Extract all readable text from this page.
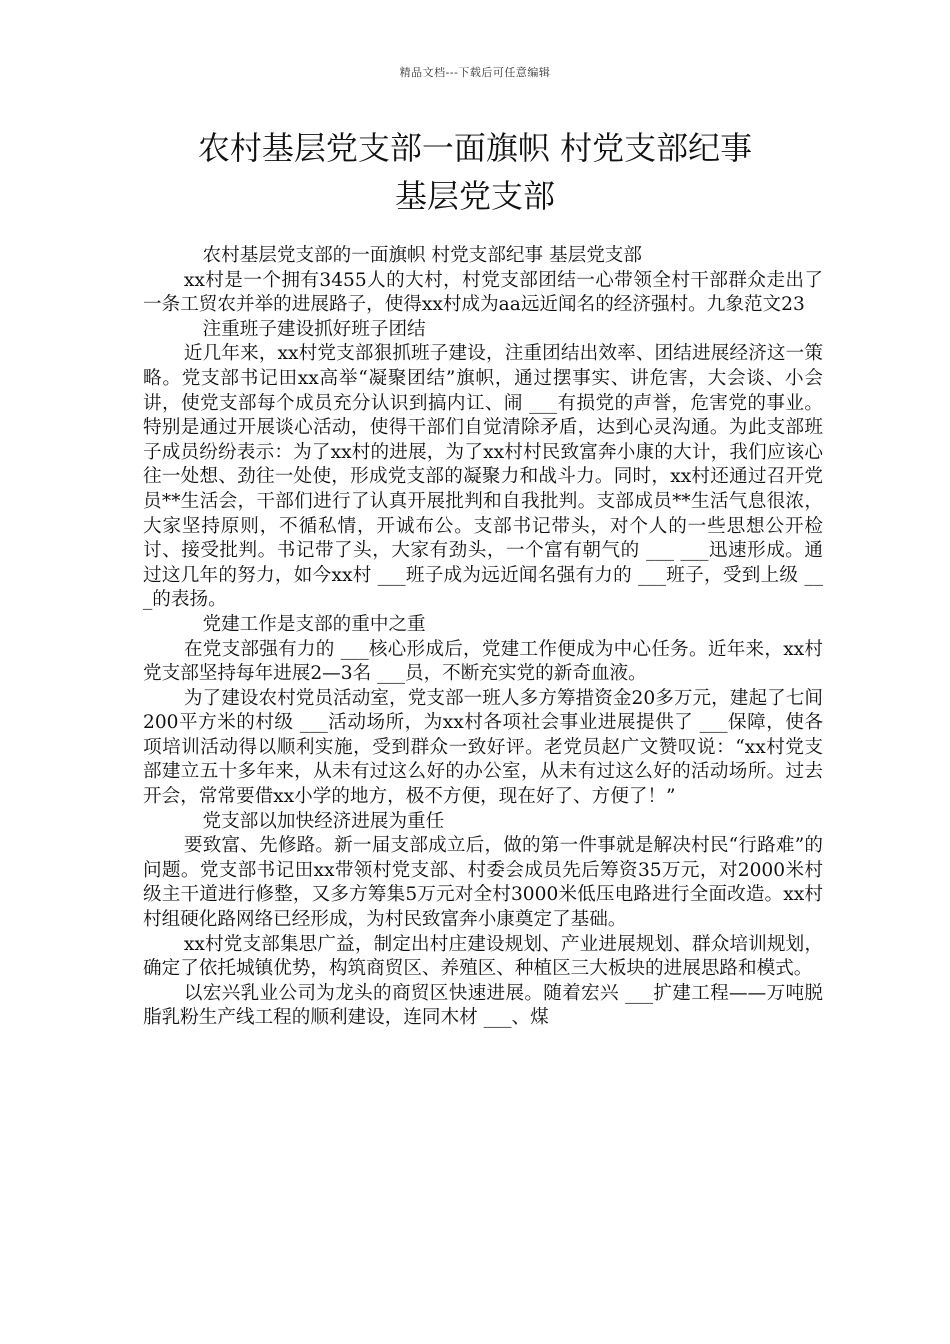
精品文档---下载后可任意编辑
农村基层党支部一面旗帜 村党支部纪事
基层党支部

农村基层党支部的一面旗帜 村党支部纪事 基层党支部

xx村是一个拥有3455人的大村，村党支部团结一心带领全村干部群众走出了一条工贸农并举的进展路子，使得xx村成为aa远近闻名的经济强村。九象范文23

注重班子建设抓好班子团结

近几年来，xx村党支部狠抓班子建设，注重团结出效率、团结进展经济这一策略。党支部书记田xx高举“凝聚团结”旗帜，通过摆事实、讲危害，大会谈、小会讲，使党支部每个成员充分认识到搞内讧、闹 ___有损党的声誉，危害党的事业。特别是通过开展谈心活动，使得干部们自觉清除矛盾，达到心灵沟通。为此支部班子成员纷纷表示：为了xx村的进展，为了xx村村民致富奔小康的大计，我们应该心往一处想、劲往一处使，形成党支部的凝聚力和战斗力。同时，xx村还通过召开党员**生活会，干部们进行了认真开展批判和自我批判。支部成员**生活气息很浓，大家坚持原则，不循私情，开诚布公。支部书记带头，对个人的一些思想公开检讨、接受批判。书记带了头，大家有劲头，一个富有朝气的 ___ ___迅速形成。通过这几年的努力，如今xx村 ___班子成为远近闻名强有力的 ___班子，受到上级 ___的表扬。

党建工作是支部的重中之重

在党支部强有力的 ___核心形成后，党建工作便成为中心任务。近年来，xx村党支部坚持每年进展2—3名 ___员，不断充实党的新奇血液。

为了建设农村党员活动室，党支部一班人多方筹措资金20多万元，建起了七间200平方米的村级 ___活动场所，为xx村各项社会事业进展提供了 ___保障，使各项培训活动得以顺利实施，受到群众一致好评。老党员赵广文赞叹说：“xx村党支部建立五十多年来，从未有过这么好的办公室，从未有过这么好的活动场所。过去开会，常常要借xx小学的地方，极不方便，现在好了、方便了！”

党支部以加快经济进展为重任

要致富、先修路。新一届支部成立后，做的第一件事就是解决村民“行路难”的问题。党支部书记田xx带领村党支部、村委会成员先后筹资35万元，对2000米村级主干道进行修整，又多方筹集5万元对全村3000米低压电路进行全面改造。xx村村组硬化路网络已经形成，为村民致富奔小康奠定了基础。

xx村党支部集思广益，制定出村庄建设规划、产业进展规划、群众培训规划，确定了依托城镇优势，构筑商贸区、养殖区、种植区三大板块的进展思路和模式。

以宏兴乳业公司为龙头的商贸区快速进展。随着宏兴 ___扩建工程——万吨脱脂乳粉生产线工程的顺利建设，连同木材 ___、煤
